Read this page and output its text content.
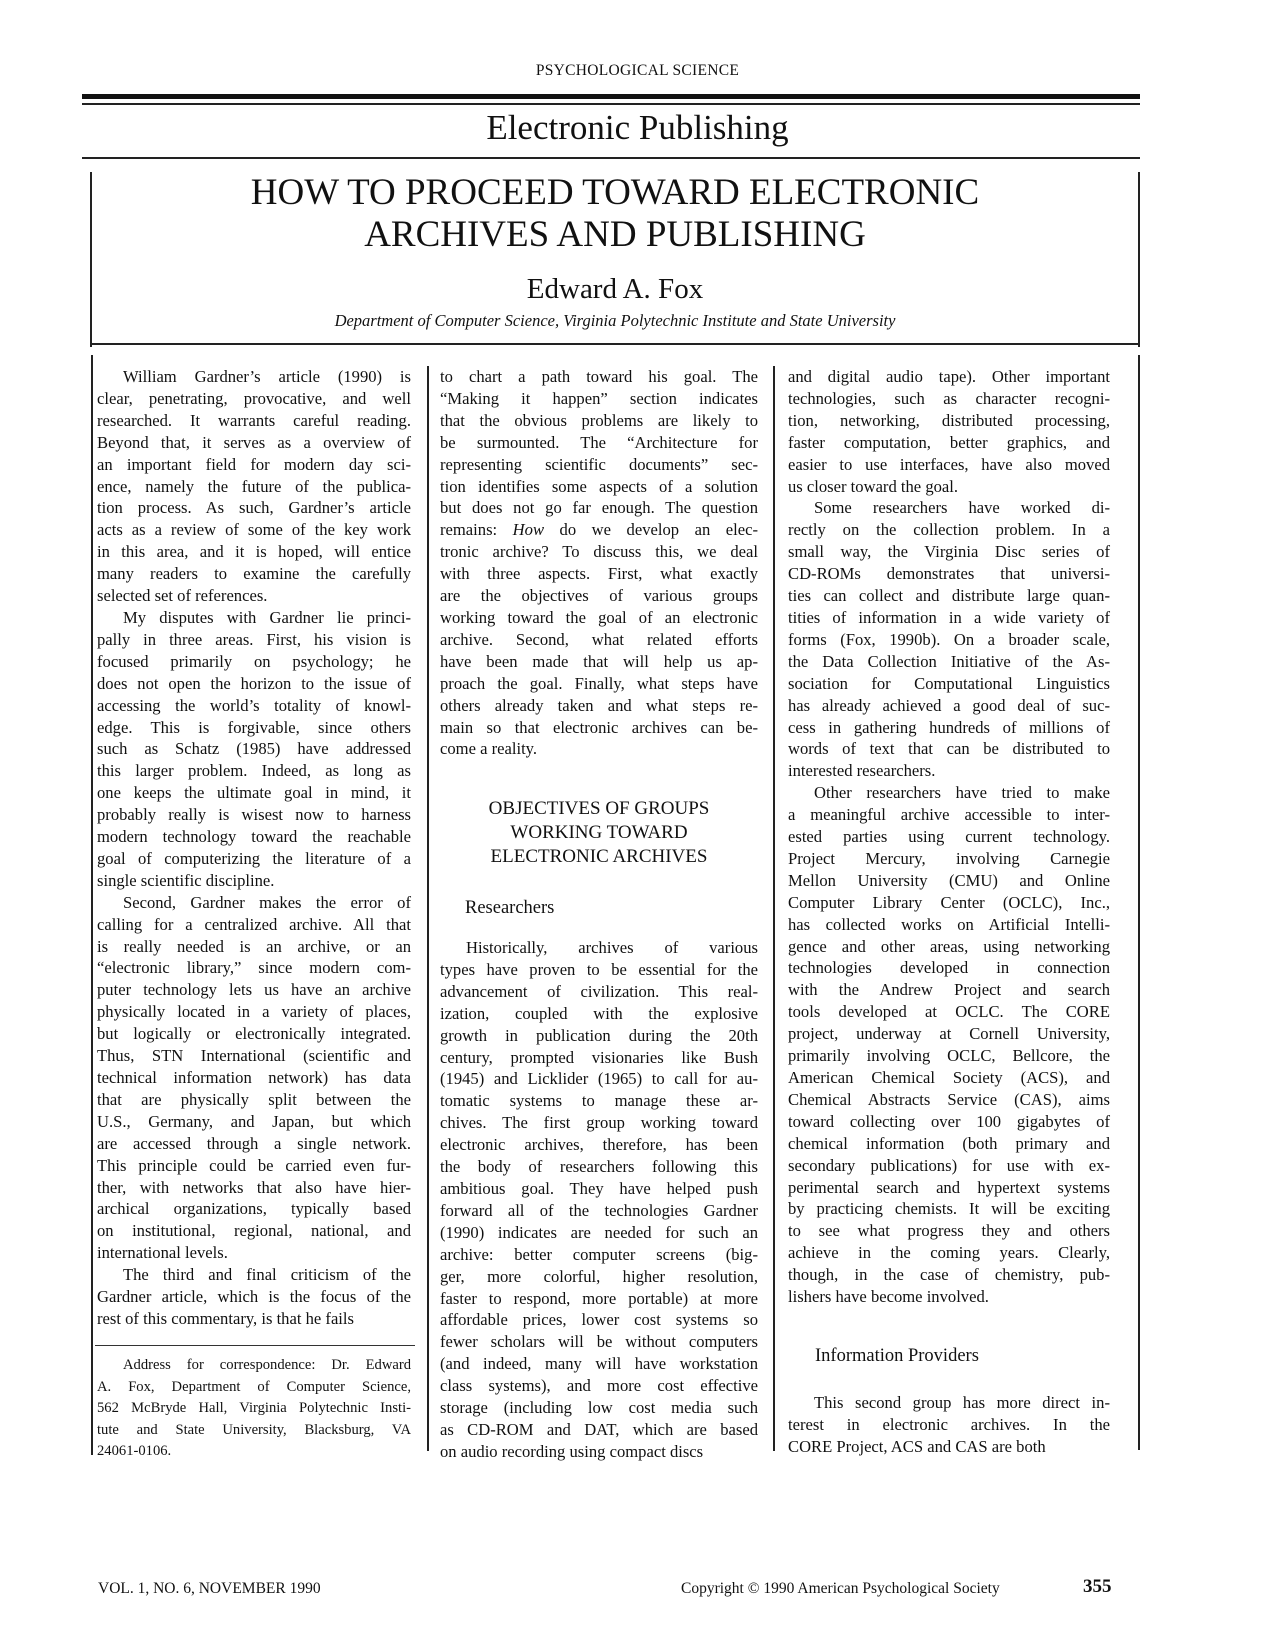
PSYCHOLOGICAL SCIENCE
Electronic Publishing
HOW TO PROCEED TOWARD ELECTRONIC
ARCHIVES AND PUBLISHING
Edward A. Fox
Department of Computer Science, Virginia Polytechnic Institute and State University
William Gardner’s article (1990) is
clear, penetrating, provocative, and well
researched. It warrants careful reading.
Beyond that, it serves as a overview of
an important field for modern day sci-
ence, namely the future of the publica-
tion process. As such, Gardner’s article
acts as a review of some of the key work
in this area, and it is hoped, will entice
many readers to examine the carefully
selected set of references.
My disputes with Gardner lie princi-
pally in three areas. First, his vision is
focused primarily on psychology; he
does not open the horizon to the issue of
accessing the world’s totality of knowl-
edge. This is forgivable, since others
such as Schatz (1985) have addressed
this larger problem. Indeed, as long as
one keeps the ultimate goal in mind, it
probably really is wisest now to harness
modern technology toward the reachable
goal of computerizing the literature of a
single scientific discipline.
Second, Gardner makes the error of
calling for a centralized archive. All that
is really needed is an archive, or an
“electronic library,” since modern com-
puter technology lets us have an archive
physically located in a variety of places,
but logically or electronically integrated.
Thus, STN International (scientific and
technical information network) has data
that are physically split between the
U.S., Germany, and Japan, but which
are accessed through a single network.
This principle could be carried even fur-
ther, with networks that also have hier-
archical organizations, typically based
on institutional, regional, national, and
international levels.
The third and final criticism of the
Gardner article, which is the focus of the
rest of this commentary, is that he fails
Address for correspondence: Dr. Edward
A. Fox, Department of Computer Science,
562 McBryde Hall, Virginia Polytechnic Insti-
tute and State University, Blacksburg, VA
24061-0106.
to chart a path toward his goal. The
“Making it happen” section indicates
that the obvious problems are likely to
be surmounted. The “Architecture for
representing scientific documents” sec-
tion identifies some aspects of a solution
but does not go far enough. The question
remains: How do we develop an elec-
tronic archive? To discuss this, we deal
with three aspects. First, what exactly
are the objectives of various groups
working toward the goal of an electronic
archive. Second, what related efforts
have been made that will help us ap-
proach the goal. Finally, what steps have
others already taken and what steps re-
main so that electronic archives can be-
come a reality.
OBJECTIVES OF GROUPS
WORKING TOWARD
ELECTRONIC ARCHIVES
Researchers
Historically, archives of various
types have proven to be essential for the
advancement of civilization. This real-
ization, coupled with the explosive
growth in publication during the 20th
century, prompted visionaries like Bush
(1945) and Licklider (1965) to call for au-
tomatic systems to manage these ar-
chives. The first group working toward
electronic archives, therefore, has been
the body of researchers following this
ambitious goal. They have helped push
forward all of the technologies Gardner
(1990) indicates are needed for such an
archive: better computer screens (big-
ger, more colorful, higher resolution,
faster to respond, more portable) at more
affordable prices, lower cost systems so
fewer scholars will be without computers
(and indeed, many will have workstation
class systems), and more cost effective
storage (including low cost media such
as CD-ROM and DAT, which are based
on audio recording using compact discs
and digital audio tape). Other important
technologies, such as character recogni-
tion, networking, distributed processing,
faster computation, better graphics, and
easier to use interfaces, have also moved
us closer toward the goal.
Some researchers have worked di-
rectly on the collection problem. In a
small way, the Virginia Disc series of
CD-ROMs demonstrates that universi-
ties can collect and distribute large quan-
tities of information in a wide variety of
forms (Fox, 1990b). On a broader scale,
the Data Collection Initiative of the As-
sociation for Computational Linguistics
has already achieved a good deal of suc-
cess in gathering hundreds of millions of
words of text that can be distributed to
interested researchers.
Other researchers have tried to make
a meaningful archive accessible to inter-
ested parties using current technology.
Project Mercury, involving Carnegie
Mellon University (CMU) and Online
Computer Library Center (OCLC), Inc.,
has collected works on Artificial Intelli-
gence and other areas, using networking
technologies developed in connection
with the Andrew Project and search
tools developed at OCLC. The CORE
project, underway at Cornell University,
primarily involving OCLC, Bellcore, the
American Chemical Society (ACS), and
Chemical Abstracts Service (CAS), aims
toward collecting over 100 gigabytes of
chemical information (both primary and
secondary publications) for use with ex-
perimental search and hypertext systems
by practicing chemists. It will be exciting
to see what progress they and others
achieve in the coming years. Clearly,
though, in the case of chemistry, pub-
lishers have become involved.
Information Providers
This second group has more direct in-
terest in electronic archives. In the
CORE Project, ACS and CAS are both
VOL. 1, NO. 6, NOVEMBER 1990	Copyright © 1990 American Psychological Society	355
